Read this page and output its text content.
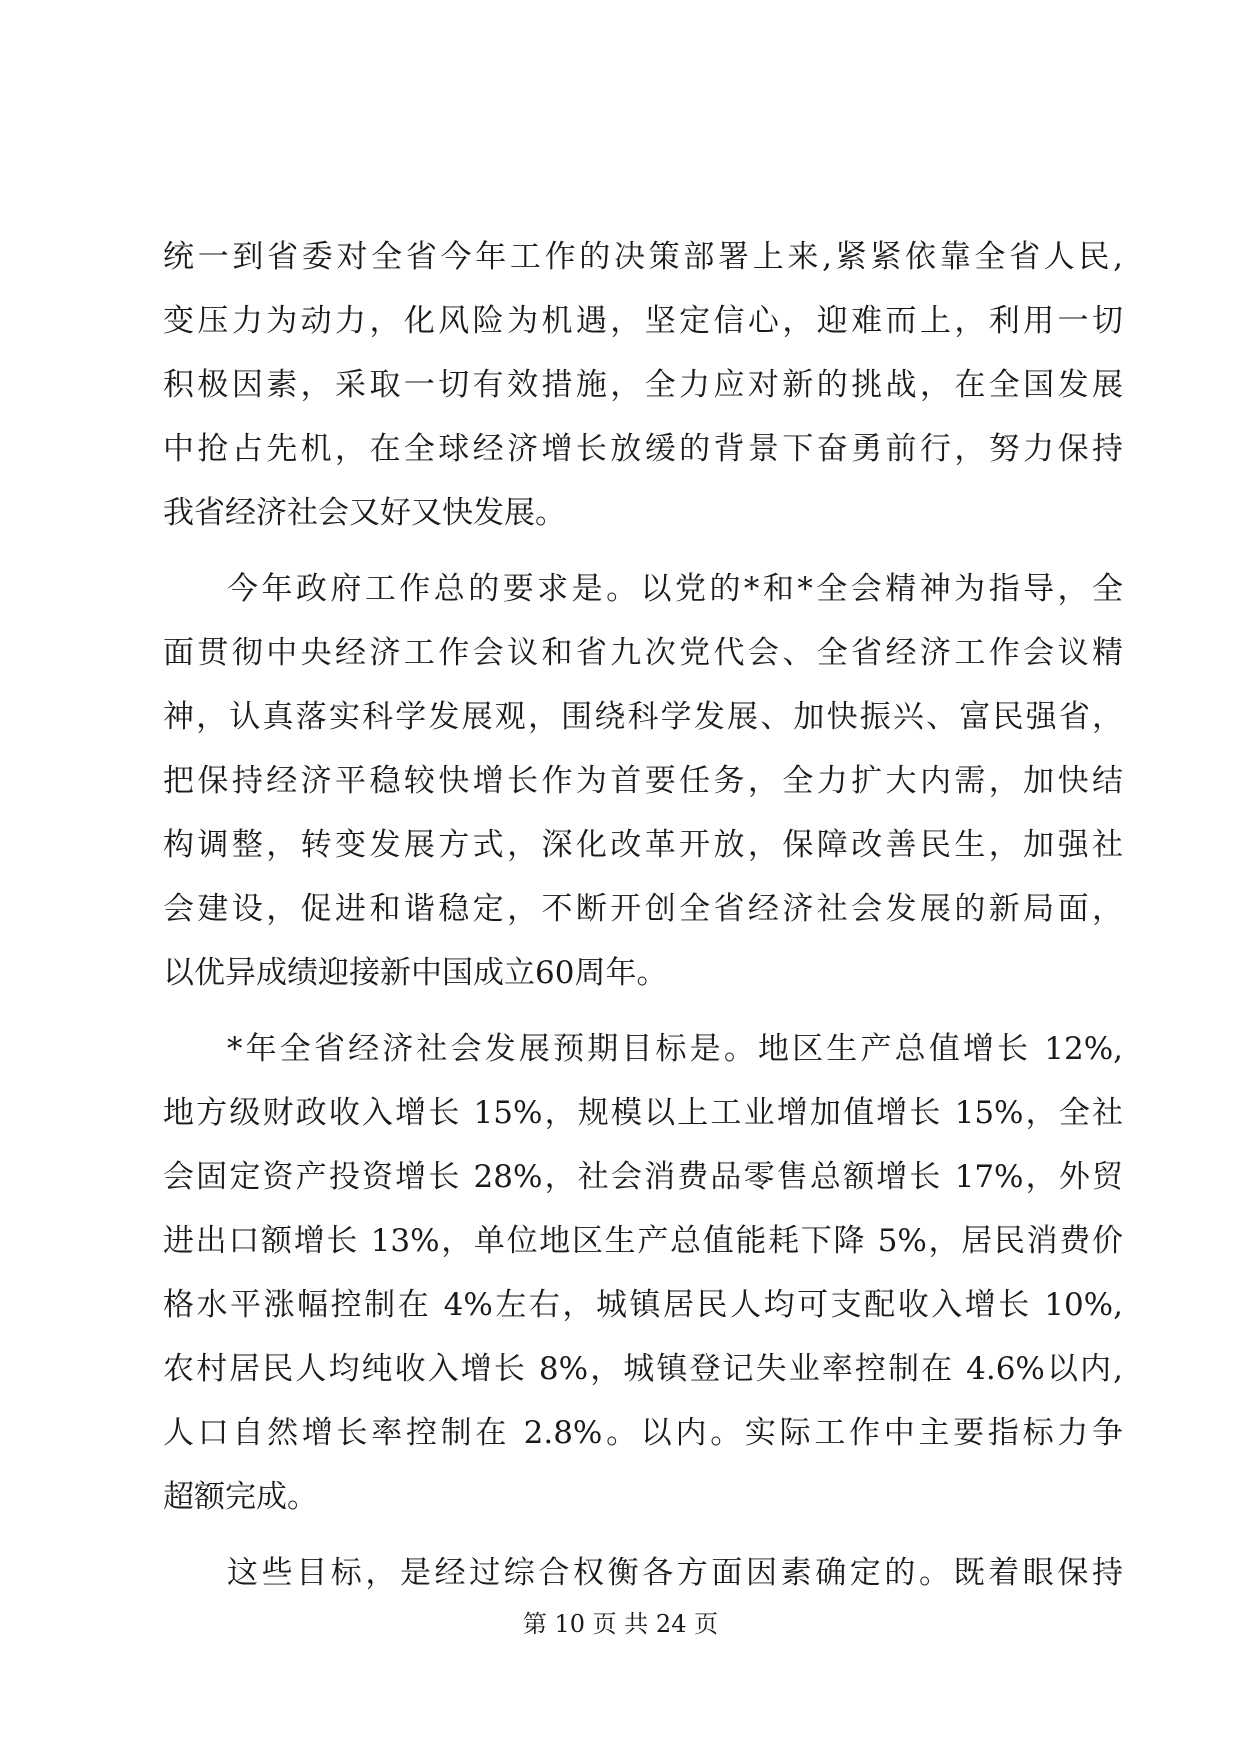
统一到省委对全省今年工作的决策部署上来,紧紧依靠全省人民,
变压力为动力，化风险为机遇，坚定信心，迎难而上，利用一切
积极因素，采取一切有效措施，全力应对新的挑战，在全国发展
中抢占先机，在全球经济增长放缓的背景下奋勇前行，努力保持
我省经济社会又好又快发展。
今年政府工作总的要求是。以党的*和*全会精神为指导，全
面贯彻中央经济工作会议和省九次党代会、全省经济工作会议精
神，认真落实科学发展观，围绕科学发展、加快振兴、富民强省，
把保持经济平稳较快增长作为首要任务，全力扩大内需，加快结
构调整，转变发展方式，深化改革开放，保障改善民生，加强社
会建设，促进和谐稳定，不断开创全省经济社会发展的新局面，
以优异成绩迎接新中国成立60周年。
*年全省经济社会发展预期目标是。地区生产总值增长 12%,
地方级财政收入增长 15%，规模以上工业增加值增长 15%，全社
会固定资产投资增长 28%，社会消费品零售总额增长 17%，外贸
进出口额增长 13%，单位地区生产总值能耗下降 5%，居民消费价
格水平涨幅控制在 4%左右，城镇居民人均可支配收入增长 10%,
农村居民人均纯收入增长 8%，城镇登记失业率控制在 4.6%以内,
人口自然增长率控制在 2.8%。以内。实际工作中主要指标力争
超额完成。
这些目标，是经过综合权衡各方面因素确定的。既着眼保持
第 10 页 共 24 页
